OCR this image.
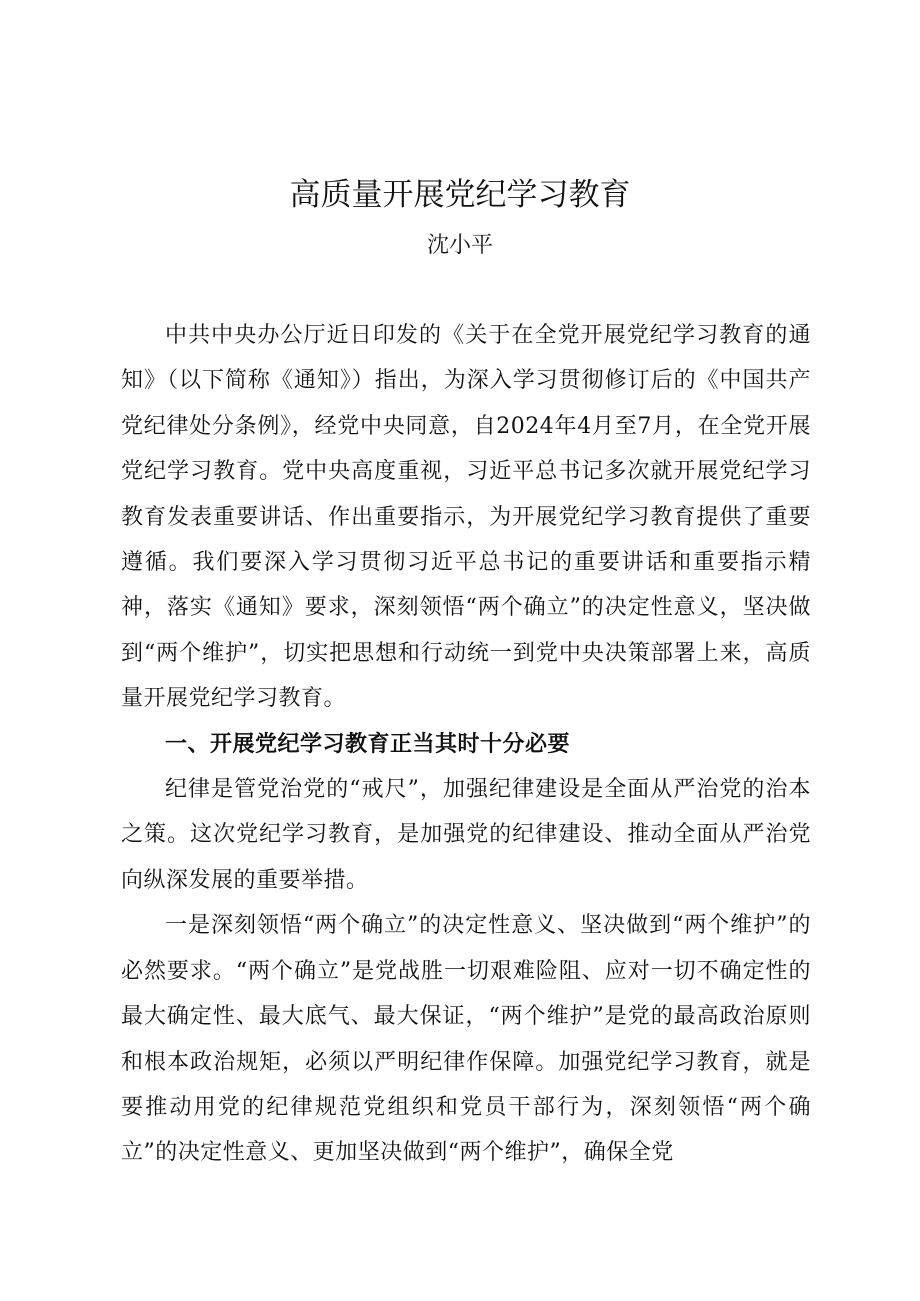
高质量开展党纪学习教育
沈小平

中共中央办公厅近日印发的《关于在全党开展党纪学习教育的通知》（以下简称《通知》）指出，为深入学习贯彻修订后的《中国共产党纪律处分条例》，经党中央同意，自2024年4月至7月，在全党开展党纪学习教育。党中央高度重视，习近平总书记多次就开展党纪学习教育发表重要讲话、作出重要指示，为开展党纪学习教育提供了重要遵循。我们要深入学习贯彻习近平总书记的重要讲话和重要指示精神，落实《通知》要求，深刻领悟“两个确立”的决定性意义，坚决做到“两个维护”，切实把思想和行动统一到党中央决策部署上来，高质量开展党纪学习教育。

一、开展党纪学习教育正当其时十分必要

纪律是管党治党的“戒尺”，加强纪律建设是全面从严治党的治本之策。这次党纪学习教育，是加强党的纪律建设、推动全面从严治党向纵深发展的重要举措。

一是深刻领悟“两个确立”的决定性意义、坚决做到“两个维护”的必然要求。“两个确立”是党战胜一切艰难险阻、应对一切不确定性的最大确定性、最大底气、最大保证，“两个维护”是党的最高政治原则和根本政治规矩，必须以严明纪律作保障。加强党纪学习教育，就是要推动用党的纪律规范党组织和党员干部行为，深刻领悟“两个确立”的决定性意义、更加坚决做到“两个维护”，确保全党
